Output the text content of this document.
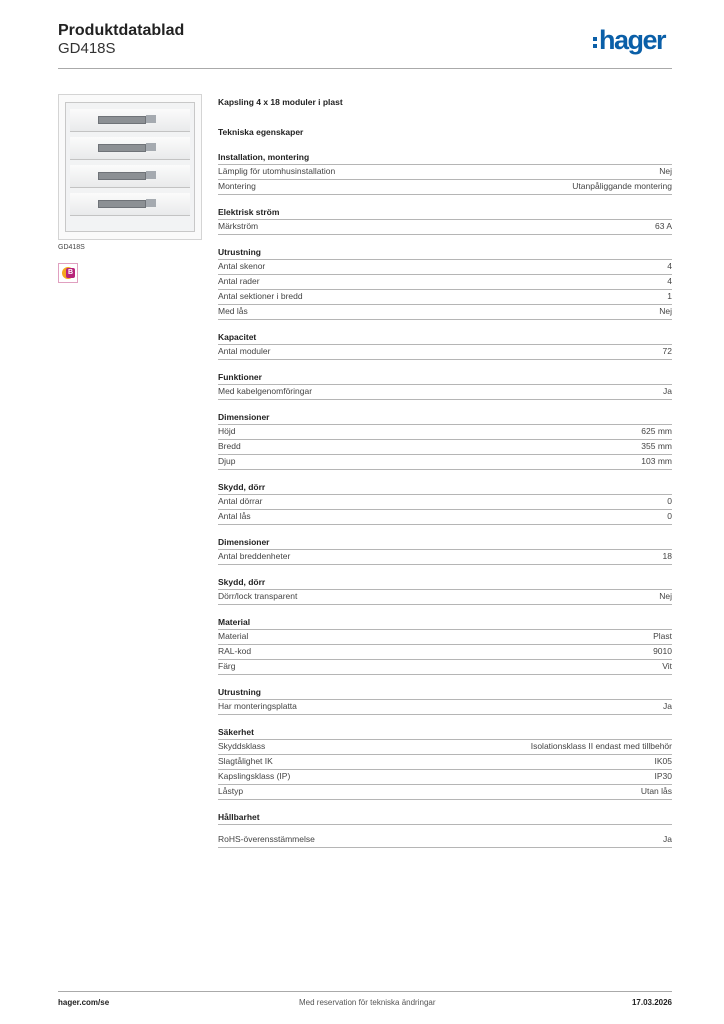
Produktdatablad
GD418S	hager
GD418S
B
Kapsling 4 x 18 moduler i plast
Tekniska egenskaper
Installation, montering
Lämplig för utomhusinstallation	Nej
Montering	Utanpåliggande montering
Elektrisk ström
Märkström	63 A
Utrustning
Antal skenor	4
Antal rader	4
Antal sektioner i bredd	1
Med lås	Nej
Kapacitet
Antal moduler	72
Funktioner
Med kabelgenomföringar	Ja
Dimensioner
Höjd	625 mm
Bredd	355 mm
Djup	103 mm
Skydd, dörr
Antal dörrar	0
Antal lås	0
Dimensioner
Antal breddenheter	18
Skydd, dörr
Dörr/lock transparent	Nej
Material
Material	Plast
RAL-kod	9010
Färg	Vit
Utrustning
Har monteringsplatta	Ja
Säkerhet
Skyddsklass	Isolationsklass II endast med tillbehör
Slagtålighet IK	IK05
Kapslingsklass (IP)	IP30
Låstyp	Utan lås
Hållbarhet
RoHS-överensstämmelse	Ja
hager.com/se	Med reservation för tekniska ändringar	17.03.2026
